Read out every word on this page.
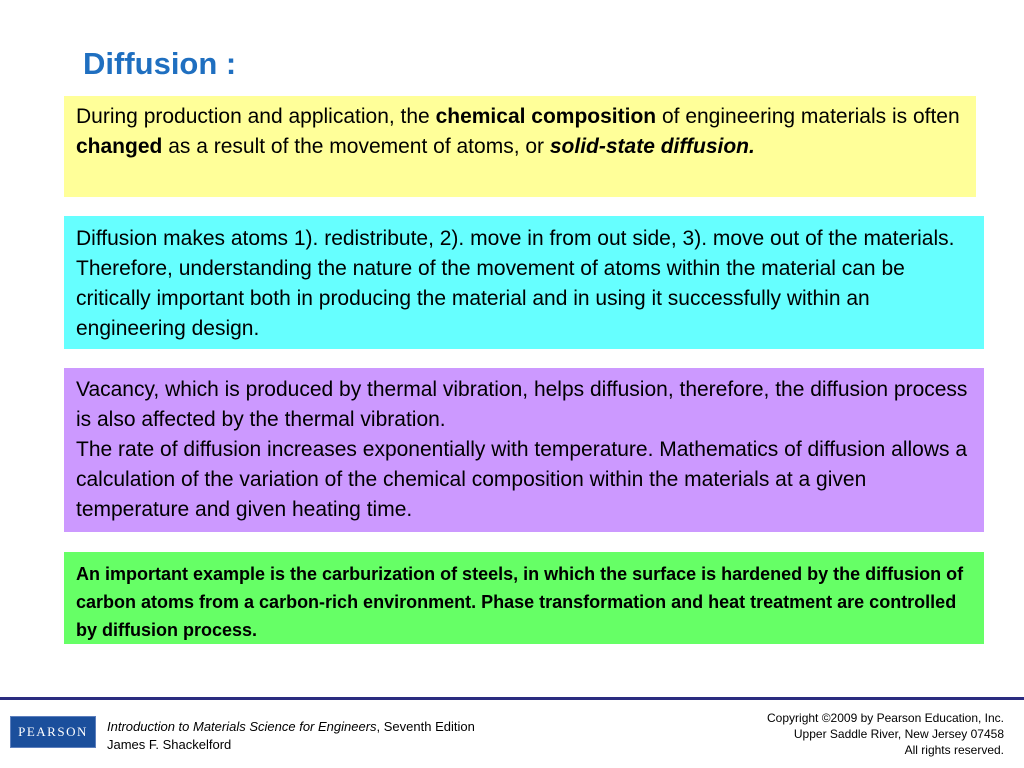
Diffusion :
During production and application, the chemical composition of engineering materials is often changed as a result of the movement of atoms, or solid-state diffusion.
Diffusion makes atoms 1). redistribute, 2). move in from out side, 3). move out of the materials. Therefore, understanding the nature of the movement of atoms within the material can be critically important both in producing the material and in using it successfully within an engineering design.
Vacancy, which is produced by thermal vibration, helps diffusion, therefore, the diffusion process is also affected by the thermal vibration.
The rate of diffusion increases exponentially with temperature. Mathematics of diffusion allows a calculation of the variation of the chemical composition within the materials at a given temperature and given heating time.
An important example is the carburization of steels, in which the surface is hardened by the diffusion of carbon atoms from a carbon-rich environment. Phase transformation and heat treatment are controlled by diffusion process.
PEARSON Introduction to Materials Science for Engineers, Seventh Edition
James F. Shackelford
Copyright ©2009 by Pearson Education, Inc.
Upper Saddle River, New Jersey 07458
All rights reserved.
